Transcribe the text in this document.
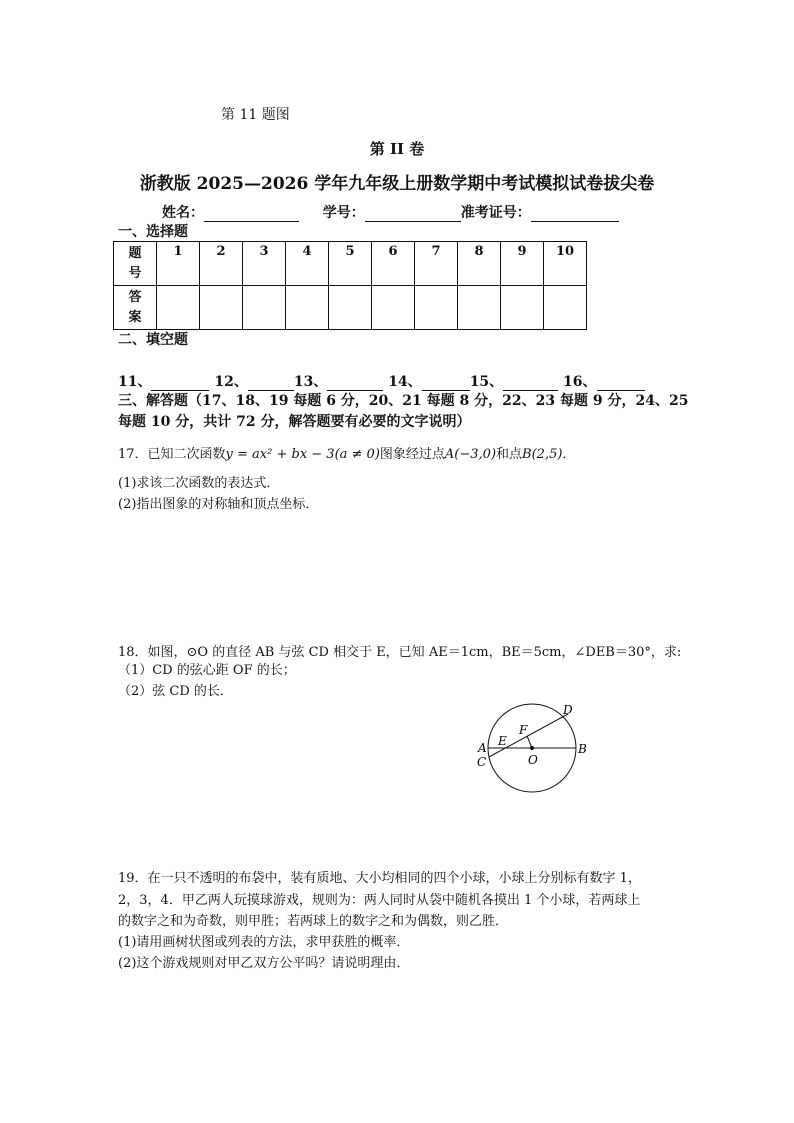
第 11 题图
第 II 卷
浙教版 2025—2026 学年九年级上册数学期中考试模拟试卷拔尖卷
姓名：	学号：	准考证号：
一、选择题
题
号	1	2	3	4	5	6	7	8	9	10
答
案										
二、填空题
11、	12、	13、	14、	15、	16、
三、解答题（17、18、19 每题 6 分，20、21 每题 8 分，22、23 每题 9 分，24、25 每题 10 分，共计 72 分，解答题要有必要的文字说明）
17．已知二次函数y = ax² + bx − 3(a ≠ 0)图象经过点A(−3,0)和点B(2,5)．
(1)求该二次函数的表达式．
(2)指出图象的对称轴和顶点坐标．
18．如图，⊙O 的直径 AB 与弦 CD 相交于 E，已知 AE＝1cm，BE＝5cm，∠DEB＝30°，求:
（1）CD 的弦心距 OF 的长；
（2）弦 CD 的长．
A	B
C
D
E
F
O
19．在一只不透明的布袋中，装有质地、大小均相同的四个小球，小球上分别标有数字 1，
2，3，4．甲乙两人玩摸球游戏，规则为：两人同时从袋中随机各摸出 1 个小球，若两球上
的数字之和为奇数，则甲胜；若两球上的数字之和为偶数，则乙胜．
(1)请用画树状图或列表的方法，求甲获胜的概率．
(2)这个游戏规则对甲乙双方公平吗？请说明理由．
